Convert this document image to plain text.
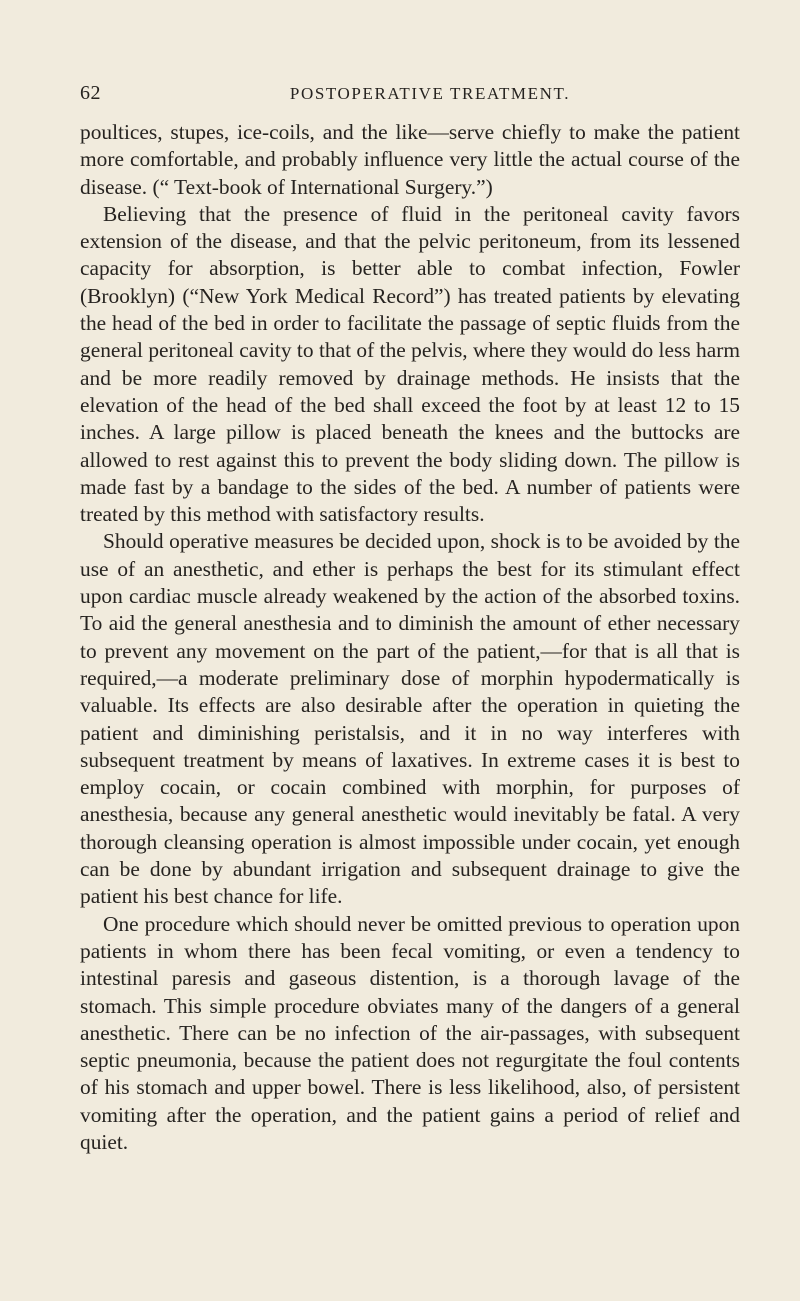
62	POSTOPERATIVE TREATMENT.

poultices, stupes, ice-coils, and the like—serve chiefly to make the patient more comfortable, and probably influence very little the actual course of the disease. (“ Text-book of International Surgery.”)

Believing that the presence of fluid in the peritoneal cavity favors extension of the disease, and that the pelvic peritoneum, from its lessened capacity for absorption, is better able to combat infection, Fowler (Brooklyn) (“New York Medical Record”) has treated patients by elevating the head of the bed in order to facilitate the passage of septic fluids from the general peritoneal cavity to that of the pelvis, where they would do less harm and be more readily removed by drainage methods. He insists that the elevation of the head of the bed shall exceed the foot by at least 12 to 15 inches. A large pillow is placed beneath the knees and the buttocks are allowed to rest against this to prevent the body sliding down. The pillow is made fast by a bandage to the sides of the bed. A number of patients were treated by this method with satisfactory results.

Should operative measures be decided upon, shock is to be avoided by the use of an anesthetic, and ether is perhaps the best for its stimulant effect upon cardiac muscle already weakened by the action of the absorbed toxins. To aid the general anesthesia and to diminish the amount of ether necessary to prevent any movement on the part of the patient,—for that is all that is required,—a moderate preliminary dose of morphin hypodermatically is valuable. Its effects are also desirable after the operation in quieting the patient and diminishing peristalsis, and it in no way interferes with subsequent treatment by means of laxatives. In extreme cases it is best to employ cocain, or cocain combined with morphin, for purposes of anesthesia, because any general anesthetic would inevitably be fatal. A very thorough cleansing operation is almost impossible under cocain, yet enough can be done by abundant irrigation and subsequent drainage to give the patient his best chance for life.

One procedure which should never be omitted previous to operation upon patients in whom there has been fecal vomiting, or even a tendency to intestinal paresis and gaseous distention, is a thorough lavage of the stomach. This simple procedure obviates many of the dangers of a general anesthetic. There can be no infection of the air-passages, with subsequent septic pneumonia, because the patient does not regurgitate the foul contents of his stomach and upper bowel. There is less likelihood, also, of persistent vomiting after the operation, and the patient gains a period of relief and quiet.
